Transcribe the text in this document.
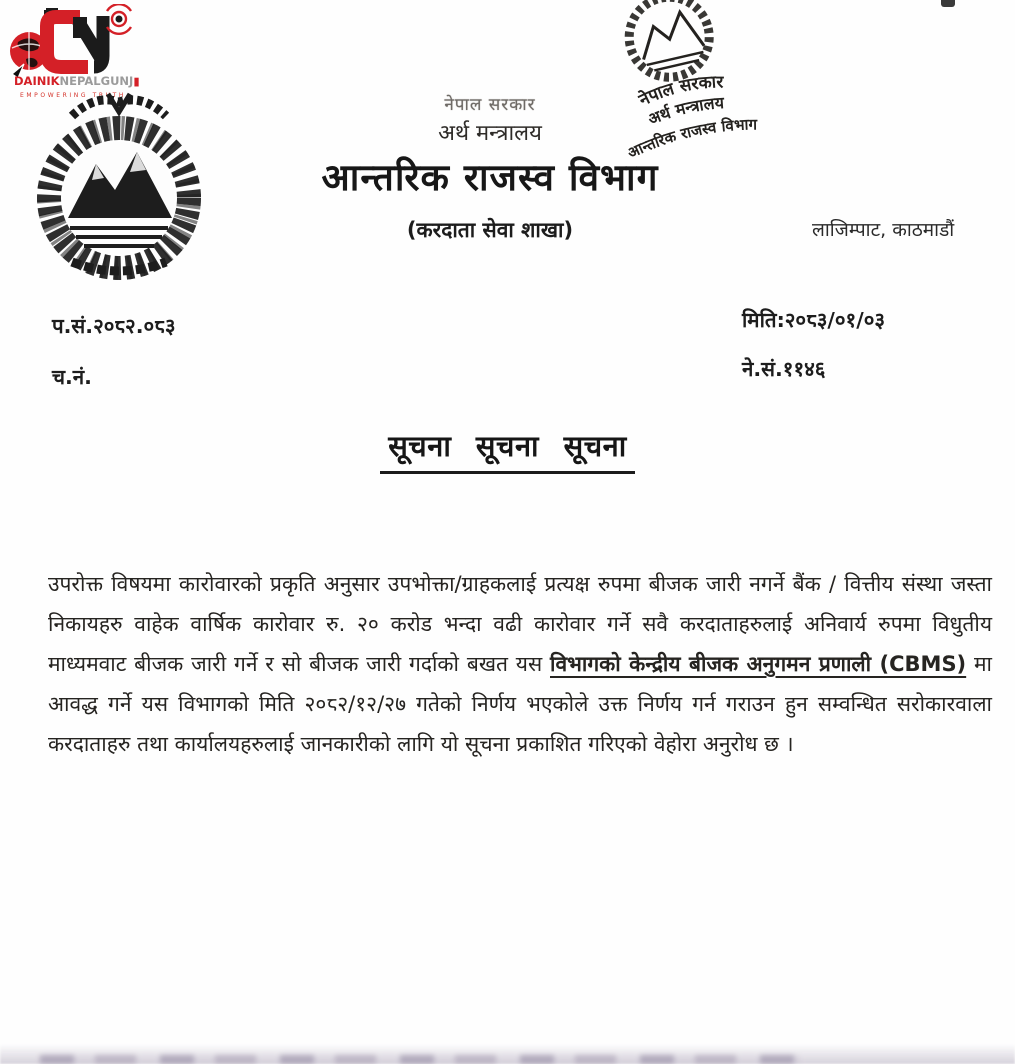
DAINIKNEPALGUNJ▮
EMPOWERING TRUTH	नेपाल सरकार
अर्थ मन्त्रालय
आन्तरिक राजस्व विभाग
(करदाता सेवा शाखा)
नेपाल सरकार
अर्थ मन्त्रालय
आन्तरिक राजस्व विभाग
लाजिम्पाट, काठमाडौं
प.सं.२०८२.०८३
च.नं.
मिति:२०८३/०१/०३
ने.सं.११४६
सूचना सूचना सूचना

उपरोक्त विषयमा कारोवारको प्रकृति अनुसार उपभोक्ता/ग्राहकलाई प्रत्यक्ष रुपमा बीजक जारी नगर्ने बैंक / वित्तीय संस्था जस्ता निकायहरु वाहेक वार्षिक कारोवार रु. २० करोड भन्दा वढी कारोवार गर्ने सवै करदाताहरुलाई अनिवार्य रुपमा विधुतीय माध्यमवाट बीजक जारी गर्ने र सो बीजक जारी गर्दाको बखत यस विभागको केन्द्रीय बीजक अनुगमन प्रणाली (CBMS) मा आवद्ध गर्ने यस विभागको मिति २०८२/१२/२७ गतेको निर्णय भएकोले उक्त निर्णय गर्न गराउन हुन सम्वन्धित सरोकारवाला करदाताहरु तथा कार्यालयहरुलाई जानकारीको लागि यो सूचना प्रकाशित गरिएको वेहोरा अनुरोध छ ।
